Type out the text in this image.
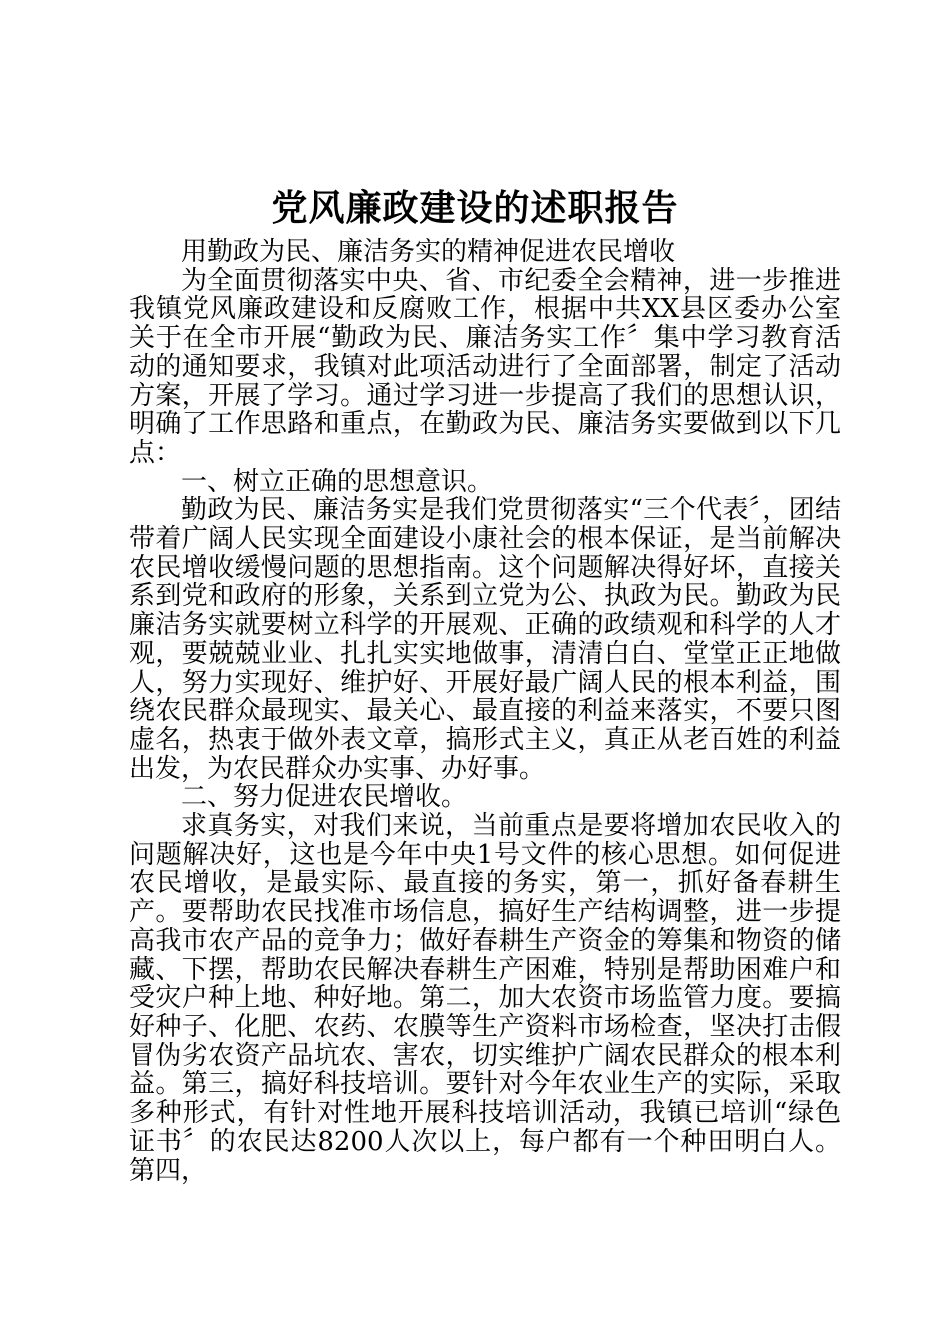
党风廉政建设的述职报告

用勤政为民、廉洁务实的精神促进农民增收

为全面贯彻落实中央、省、市纪委全会精神，进一步推进我镇党风廉政建设和反腐败工作，根据中共XX县区委办公室关于在全市开展“勤政为民、廉洁务实工作〞集中学习教育活动的通知要求，我镇对此项活动进行了全面部署，制定了活动方案，开展了学习。通过学习进一步提高了我们的思想认识，明确了工作思路和重点，在勤政为民、廉洁务实要做到以下几点：

一、树立正确的思想意识。

勤政为民、廉洁务实是我们党贯彻落实“三个代表〞，团结带着广阔人民实现全面建设小康社会的根本保证，是当前解决农民增收缓慢问题的思想指南。这个问题解决得好坏，直接关系到党和政府的形象，关系到立党为公、执政为民。勤政为民廉洁务实就要树立科学的开展观、正确的政绩观和科学的人才观，要兢兢业业、扎扎实实地做事，清清白白、堂堂正正地做人，努力实现好、维护好、开展好最广阔人民的根本利益，围绕农民群众最现实、最关心、最直接的利益来落实，不要只图虚名，热衷于做外表文章，搞形式主义，真正从老百姓的利益出发，为农民群众办实事、办好事。

二、努力促进农民增收。

求真务实，对我们来说，当前重点是要将增加农民收入的问题解决好，这也是今年中央1号文件的核心思想。如何促进农民增收，是最实际、最直接的务实，第一，抓好备春耕生产。要帮助农民找准市场信息，搞好生产结构调整，进一步提高我市农产品的竞争力；做好春耕生产资金的筹集和物资的储藏、下摆，帮助农民解决春耕生产困难，特别是帮助困难户和受灾户种上地、种好地。第二，加大农资市场监管力度。要搞好种子、化肥、农药、农膜等生产资料市场检查，坚决打击假冒伪劣农资产品坑农、害农，切实维护广阔农民群众的根本利益。第三，搞好科技培训。要针对今年农业生产的实际，采取多种形式，有针对性地开展科技培训活动，我镇已培训“绿色证书〞的农民达8200人次以上，每户都有一个种田明白人。第四，
